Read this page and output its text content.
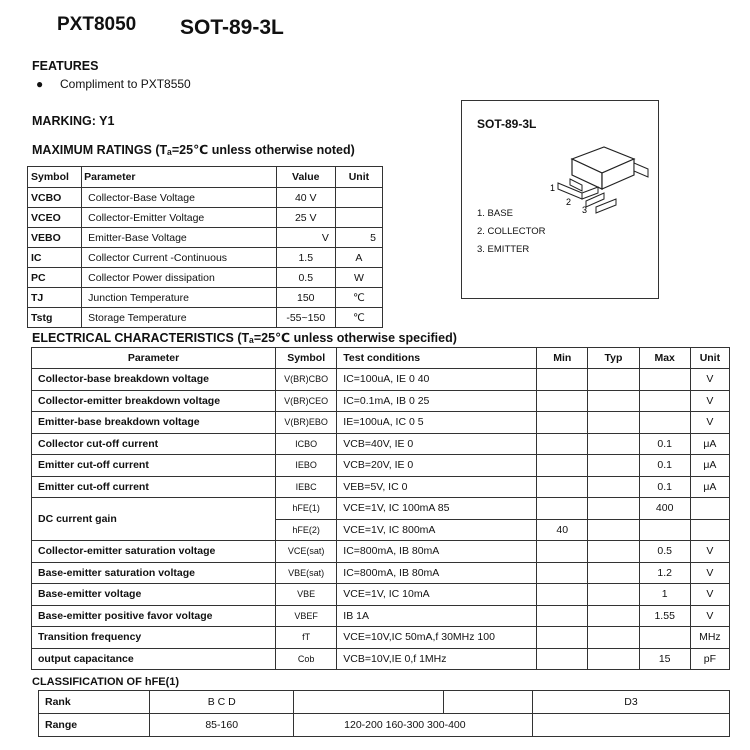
PXT8050 SOT-89-3L
FEATURES
● Compliment to PXT8550
MARKING: Y1
MAXIMUM RATINGS (Tₐ=25℃ unless otherwise noted)
Symbol	Parameter	Value	Unit
VCBO	Collector-Base Voltage	40 V	
VCEO	Collector-Emitter Voltage	25 V	
VEBO	Emitter-Base Voltage	V	5
IC	Collector Current -Continuous	1.5	A
PC	Collector Power dissipation	0.5	W
TJ	Junction Temperature	150	℃
Tstg	Storage Temperature	-55~150	℃
SOT-89-3L
1
2
3
1. BASE
2. COLLECTOR
3. EMITTER
ELECTRICAL CHARACTERISTICS (Tₐ=25℃ unless otherwise specified)
Parameter	Symbol	Test conditions	Min	Typ	Max	Unit
Collector-base breakdown voltage	V(BR)CBO	IC=100uA, IE 0 40				V
Collector-emitter breakdown voltage	V(BR)CEO	IC=0.1mA, IB 0 25				V
Emitter-base breakdown voltage	V(BR)EBO	IE=100uA, IC 0 5				V
Collector cut-off current	ICBO	VCB=40V, IE 0			0.1	μA
Emitter cut-off current	IEBO	VCB=20V, IE 0			0.1	μA
Emitter cut-off current	IEBC	VEB=5V, IC 0			0.1	μA
DC current gain	hFE(1)	VCE=1V, IC 100mA 85			400	
	hFE(2)	VCE=1V, IC 800mA	40			
Collector-emitter saturation voltage	VCE(sat)	IC=800mA, IB 80mA			0.5	V
Base-emitter saturation voltage	VBE(sat)	IC=800mA, IB 80mA			1.2	V
Base-emitter voltage	VBE	VCE=1V, IC 10mA			1	V
Base-emitter positive favor voltage	VBEF	IB 1A			1.55	V
Transition frequency	fT	VCE=10V,IC 50mA,f 30MHz 100				MHz
output capacitance	Cob	VCB=10V,IE 0,f 1MHz			15	pF
CLASSIFICATION OF hFE(1)
Rank	B C D			D3
Range	85-160	120-200 160-300 300-400		
